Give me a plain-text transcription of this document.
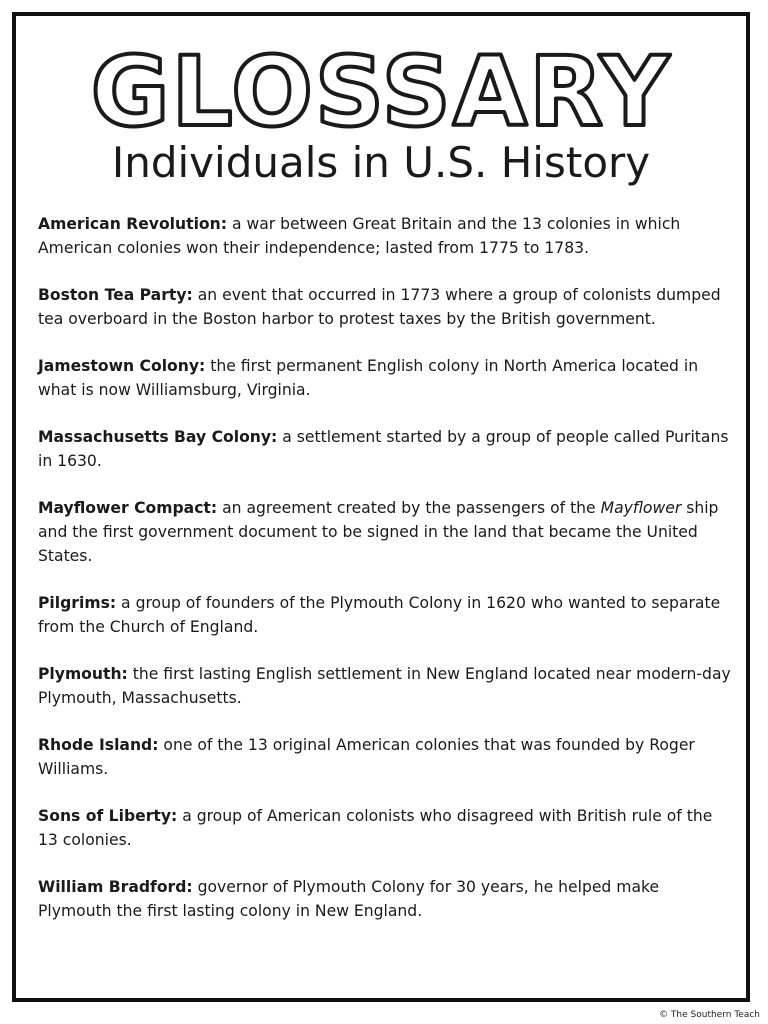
GLOSSARY
Individuals in U.S. History

American Revolution: a war between Great Britain and the 13 colonies in which American colonies won their independence; lasted from 1775 to 1783.

Boston Tea Party: an event that occurred in 1773 where a group of colonists dumped tea overboard in the Boston harbor to protest taxes by the British government.

Jamestown Colony: the first permanent English colony in North America located in what is now Williamsburg, Virginia.

Massachusetts Bay Colony: a settlement started by a group of people called Puritans in 1630.

Mayflower Compact: an agreement created by the passengers of the Mayflower ship and the first government document to be signed in the land that became the United States.

Pilgrims: a group of founders of the Plymouth Colony in 1620 who wanted to separate from the Church of England.

Plymouth: the first lasting English settlement in New England located near modern-day Plymouth, Massachusetts.

Rhode Island: one of the 13 original American colonies that was founded by Roger Williams.

Sons of Liberty: a group of American colonists who disagreed with British rule of the 13 colonies.

William Bradford: governor of Plymouth Colony for 30 years, he helped make Plymouth the first lasting colony in New England.

© The Southern Teach
